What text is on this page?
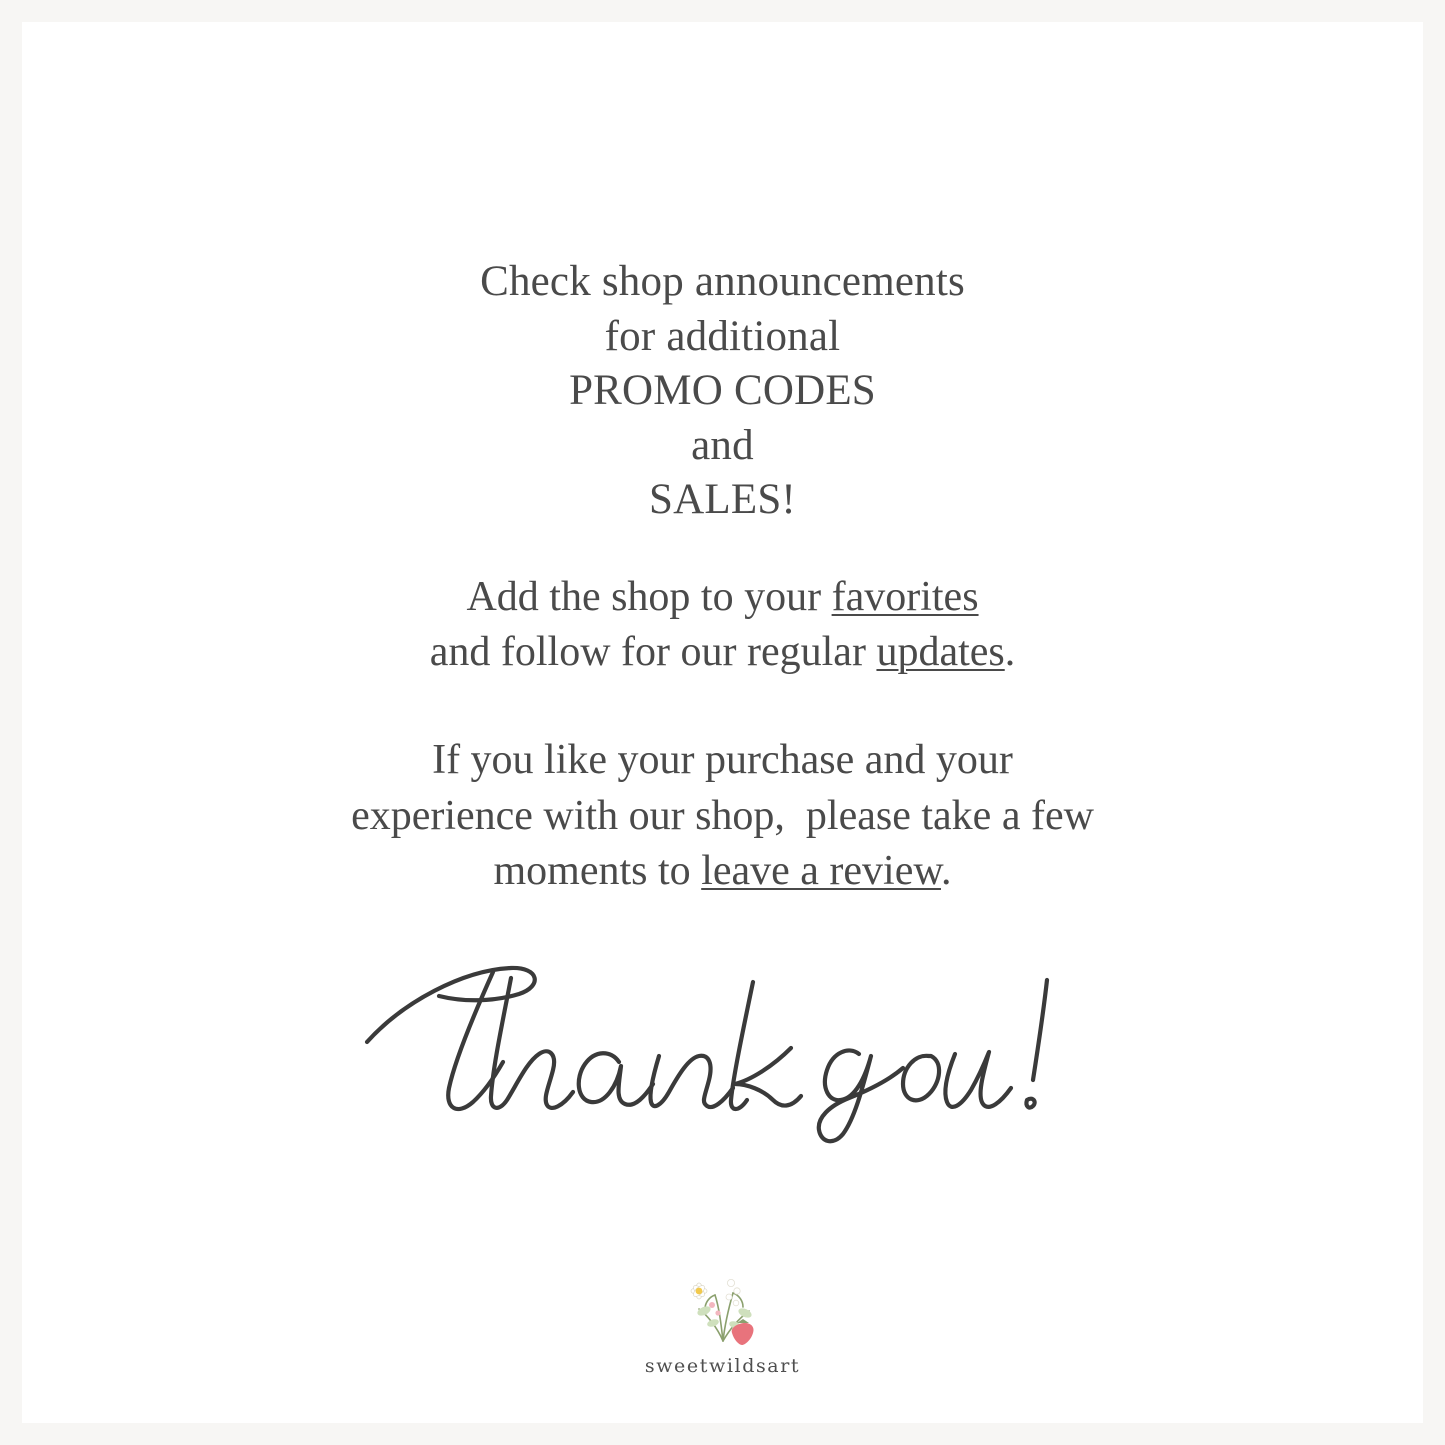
Check shop announcements
for additional
PROMO CODES
and
SALES!
Add the shop to your favorites
and follow for our regular updates.
If you like your purchase and your
experience with our shop,  please take a few
moments to leave a review.
sweetwildsart
